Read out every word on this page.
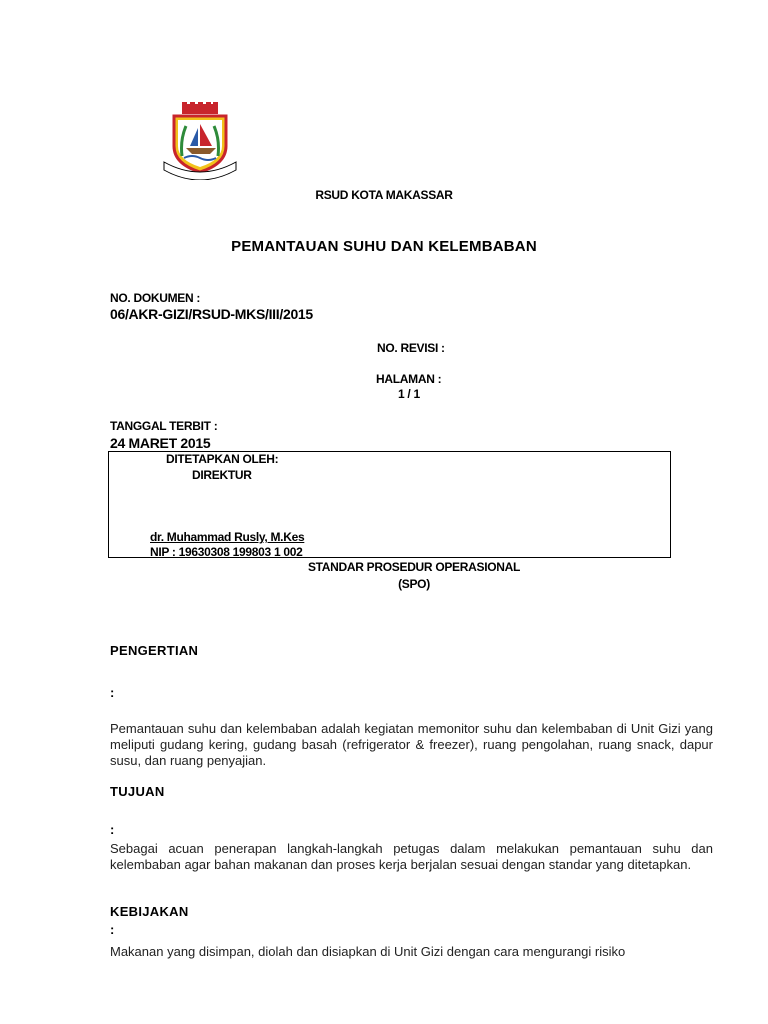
RSUD KOTA MAKASSAR
PEMANTAUAN SUHU DAN KELEMBABAN
NO. DOKUMEN :
06/AKR-GIZI/RSUD-MKS/III/2015
NO. REVISI :
HALAMAN :
1 / 1
TANGGAL TERBIT :
24 MARET 2015
DITETAPKAN OLEH:
DIREKTUR
dr. Muhammad Rusly, M.Kes
NIP : 19630308 199803 1 002
STANDAR PROSEDUR OPERASIONAL
(SPO)
PENGERTIAN
:
Pemantauan suhu dan kelembaban adalah kegiatan memonitor suhu dan kelembaban di Unit Gizi yang meliputi gudang kering, gudang basah (refrigerator & freezer), ruang pengolahan, ruang snack, dapur susu, dan ruang penyajian.
TUJUAN
:
Sebagai acuan penerapan langkah-langkah petugas dalam melakukan pemantauan suhu dan kelembaban agar bahan makanan dan proses kerja berjalan sesuai dengan standar yang ditetapkan.
KEBIJAKAN
:
Makanan yang disimpan, diolah dan disiapkan di Unit Gizi dengan cara mengurangi risiko
